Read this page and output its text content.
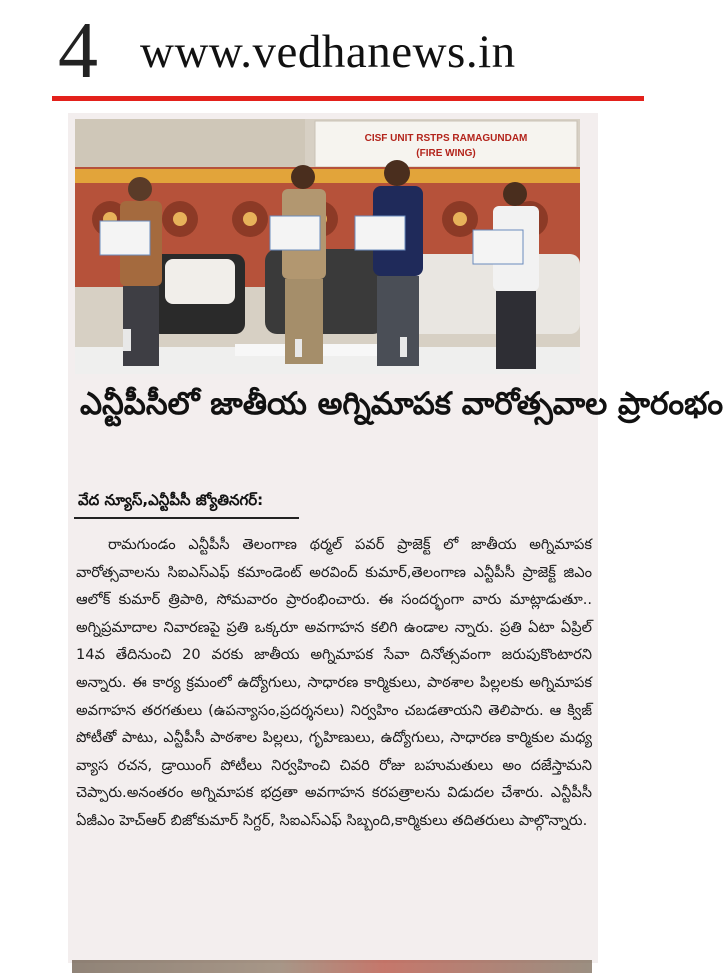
4 www.vedhanews.in
CISF UNIT RSTPS RAMAGUNDAM
(FIRE WING)
ఎన్టీపీసీలో జాతీయ అగ్నిమాపక వారోత్సవాల ప్రారంభం
వేద న్యూస్,ఎన్టీపీసీ జ్యోతినగర్:

రామగుండం ఎన్టీపీసీ తెలంగాణ థర్మల్ పవర్ ప్రాజెక్ట్ లో జాతీయ అగ్నిమాపక వారోత్సవాలను సిఐఎస్ఎఫ్ కమాండెంట్ అరవింద్ కుమార్,తెలంగాణ ఎన్టీపీసీ ప్రాజెక్ట్ జిఎం ఆలోక్ కుమార్ త్రిపాఠి, సోమవారం ప్రారంభించారు. ఈ సందర్భంగా వారు మాట్లాడుతూ.. అగ్నిప్రమాదాల నివారణపై ప్రతి ఒక్కరూ అవగాహన కలిగి ఉండాల న్నారు. ప్రతి ఏటా ఏప్రిల్ 14వ తేదినుంచి 20 వరకు జాతీయ అగ్నిమాపక సేవా దినోత్సవంగా జరుపుకొంటారని అన్నారు. ఈ కార్య క్రమంలో ఉద్యోగులు, సాధారణ కార్మికులు, పాఠశాల పిల్లలకు అగ్నిమాపక అవగాహన తరగతులు (ఉపన్యాసం,ప్రదర్శనలు) నిర్వహిం చబడతాయని తెలిపారు. ఆ క్విజ్ పోటీతో పాటు, ఎన్టీపీసీ పాఠశాల పిల్లలు, గృహిణులు, ఉద్యోగులు, సాధారణ కార్మికుల మధ్య వ్యాస రచన, డ్రాయింగ్ పోటీలు నిర్వహించి చివరి రోజు బహుమతులు అం దజేస్తామని చెప్పారు.అనంతరం అగ్నిమాపక భద్రతా అవగాహన కరపత్రాలను విడుదల చేశారు. ఎన్టీపీసీ ఏజీఎం హెచ్ఆర్ బిజోకుమార్ సిగ్దర్, సిఐఎస్ఎఫ్ సిబ్బంది,కార్మికులు తదితరులు పాల్గొన్నారు.
